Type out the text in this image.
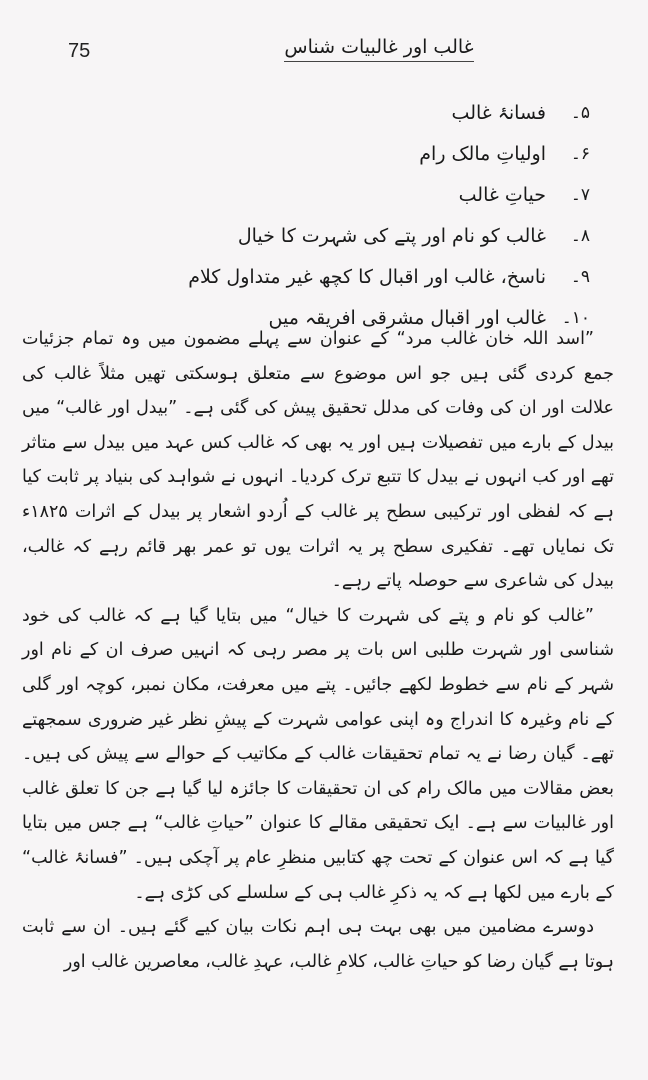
75	غالب اور غالبیات شناس
۵۔
فسانۂ غالب
۶۔
اولیاتِ مالک رام
۷۔
حیاتِ غالب
۸۔
غالب کو نام اور پتے کی شہرت کا خیال
۹۔
ناسخ، غالب اور اقبال کا کچھ غیر متداول کلام
۱۰۔
غالب اور اقبال مشرقی افریقہ میں

”اسد اللہ خان غالب مرد“ کے عنوان سے پہلے مضمون میں وہ تمام جزئیات جمع کردی گئی ہیں جو اس موضوع سے متعلق ہوسکتی تھیں مثلاً غالب کی علالت اور ان کی وفات کی مدلل تحقیق پیش کی گئی ہے۔ ”بیدل اور غالب“ میں بیدل کے بارے میں تفصیلات ہیں اور یہ بھی کہ غالب کس عہد میں بیدل سے متاثر تھے اور کب انہوں نے بیدل کا تتبع ترک کردیا۔ انہوں نے شواہد کی بنیاد پر ثابت کیا ہے کہ لفظی اور ترکیبی سطح پر غالب کے اُردو اشعار پر بیدل کے اثرات ۱۸۲۵ء تک نمایاں تھے۔ تفکیری سطح پر یہ اثرات یوں تو عمر بھر قائم رہے کہ غالب، بیدل کی شاعری سے حوصلہ پاتے رہے۔

”غالب کو نام و پتے کی شہرت کا خیال“ میں بتایا گیا ہے کہ غالب کی خود شناسی اور شہرت طلبی اس بات پر مصر رہی کہ انہیں صرف ان کے نام اور شہر کے نام سے خطوط لکھے جائیں۔ پتے میں معرفت، مکان نمبر، کوچہ اور گلی کے نام وغیرہ کا اندراج وہ اپنی عوامی شہرت کے پیشِ نظر غیر ضروری سمجھتے تھے۔ گیان رضا نے یہ تمام تحقیقات غالب کے مکاتیب کے حوالے سے پیش کی ہیں۔ بعض مقالات میں مالک رام کی ان تحقیقات کا جائزہ لیا گیا ہے جن کا تعلق غالب اور غالبیات سے ہے۔ ایک تحقیقی مقالے کا عنوان ”حیاتِ غالب“ ہے جس میں بتایا گیا ہے کہ اس عنوان کے تحت چھ کتابیں منظرِ عام پر آچکی ہیں۔ ”فسانۂ غالب“ کے بارے میں لکھا ہے کہ یہ ذکرِ غالب ہی کے سلسلے کی کڑی ہے۔

دوسرے مضامین میں بھی بہت ہی اہم نکات بیان کیے گئے ہیں۔ ان سے ثابت ہوتا ہے گیان رضا کو حیاتِ غالب، کلامِ غالب، عہدِ غالب، معاصرین غالب اور
